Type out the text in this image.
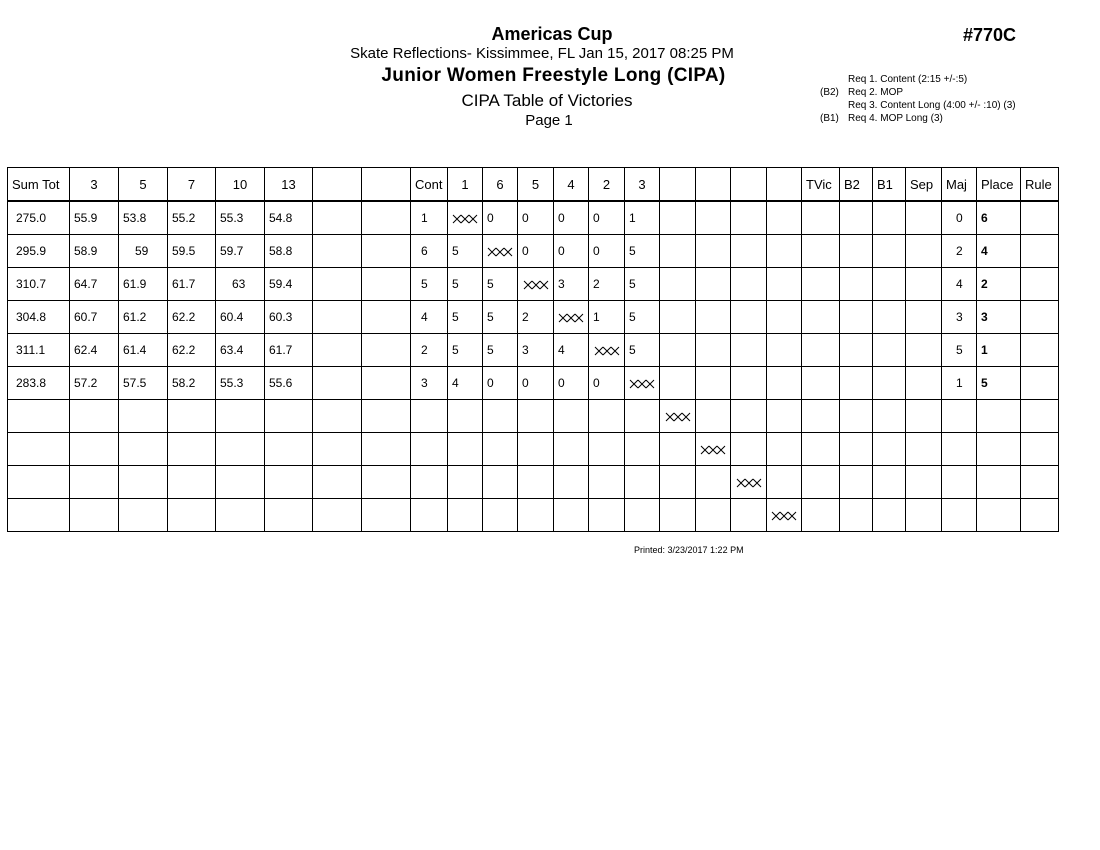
Americas Cup
Skate Reflections- Kissimmee, FL Jan 15, 2017 08:25 PM
Junior Women Freestyle Long (CIPA)
CIPA Table of Victories
Page 1
#770C
Req 1. Content (2:15 +/-:5)
(B2) Req 2. MOP
Req 3. Content Long (4:00 +/- :10) (3)
(B1) Req 4. MOP Long (3)
Sum Tot	3	5	7	10	13			Cont	1	6	5	4	2	3					TVic	B2	B1	Sep	Maj	Place	Rule
275.0	55.9	53.8	55.2	55.3	54.8			1		0	0	0	0	1									0	6	
295.9	58.9	59	59.5	59.7	58.8			6	5		0	0	0	5									2	4	
310.7	64.7	61.9	61.7	63	59.4			5	5	5		3	2	5									4	2	
304.8	60.7	61.2	62.2	60.4	60.3			4	5	5	2		1	5									3	3	
311.1	62.4	61.4	62.2	63.4	61.7			2	5	5	3	4		5									5	1	
283.8	57.2	57.5	58.2	55.3	55.6			3	4	0	0	0	0										1	5	

Printed: 3/23/2017 1:22 PM
